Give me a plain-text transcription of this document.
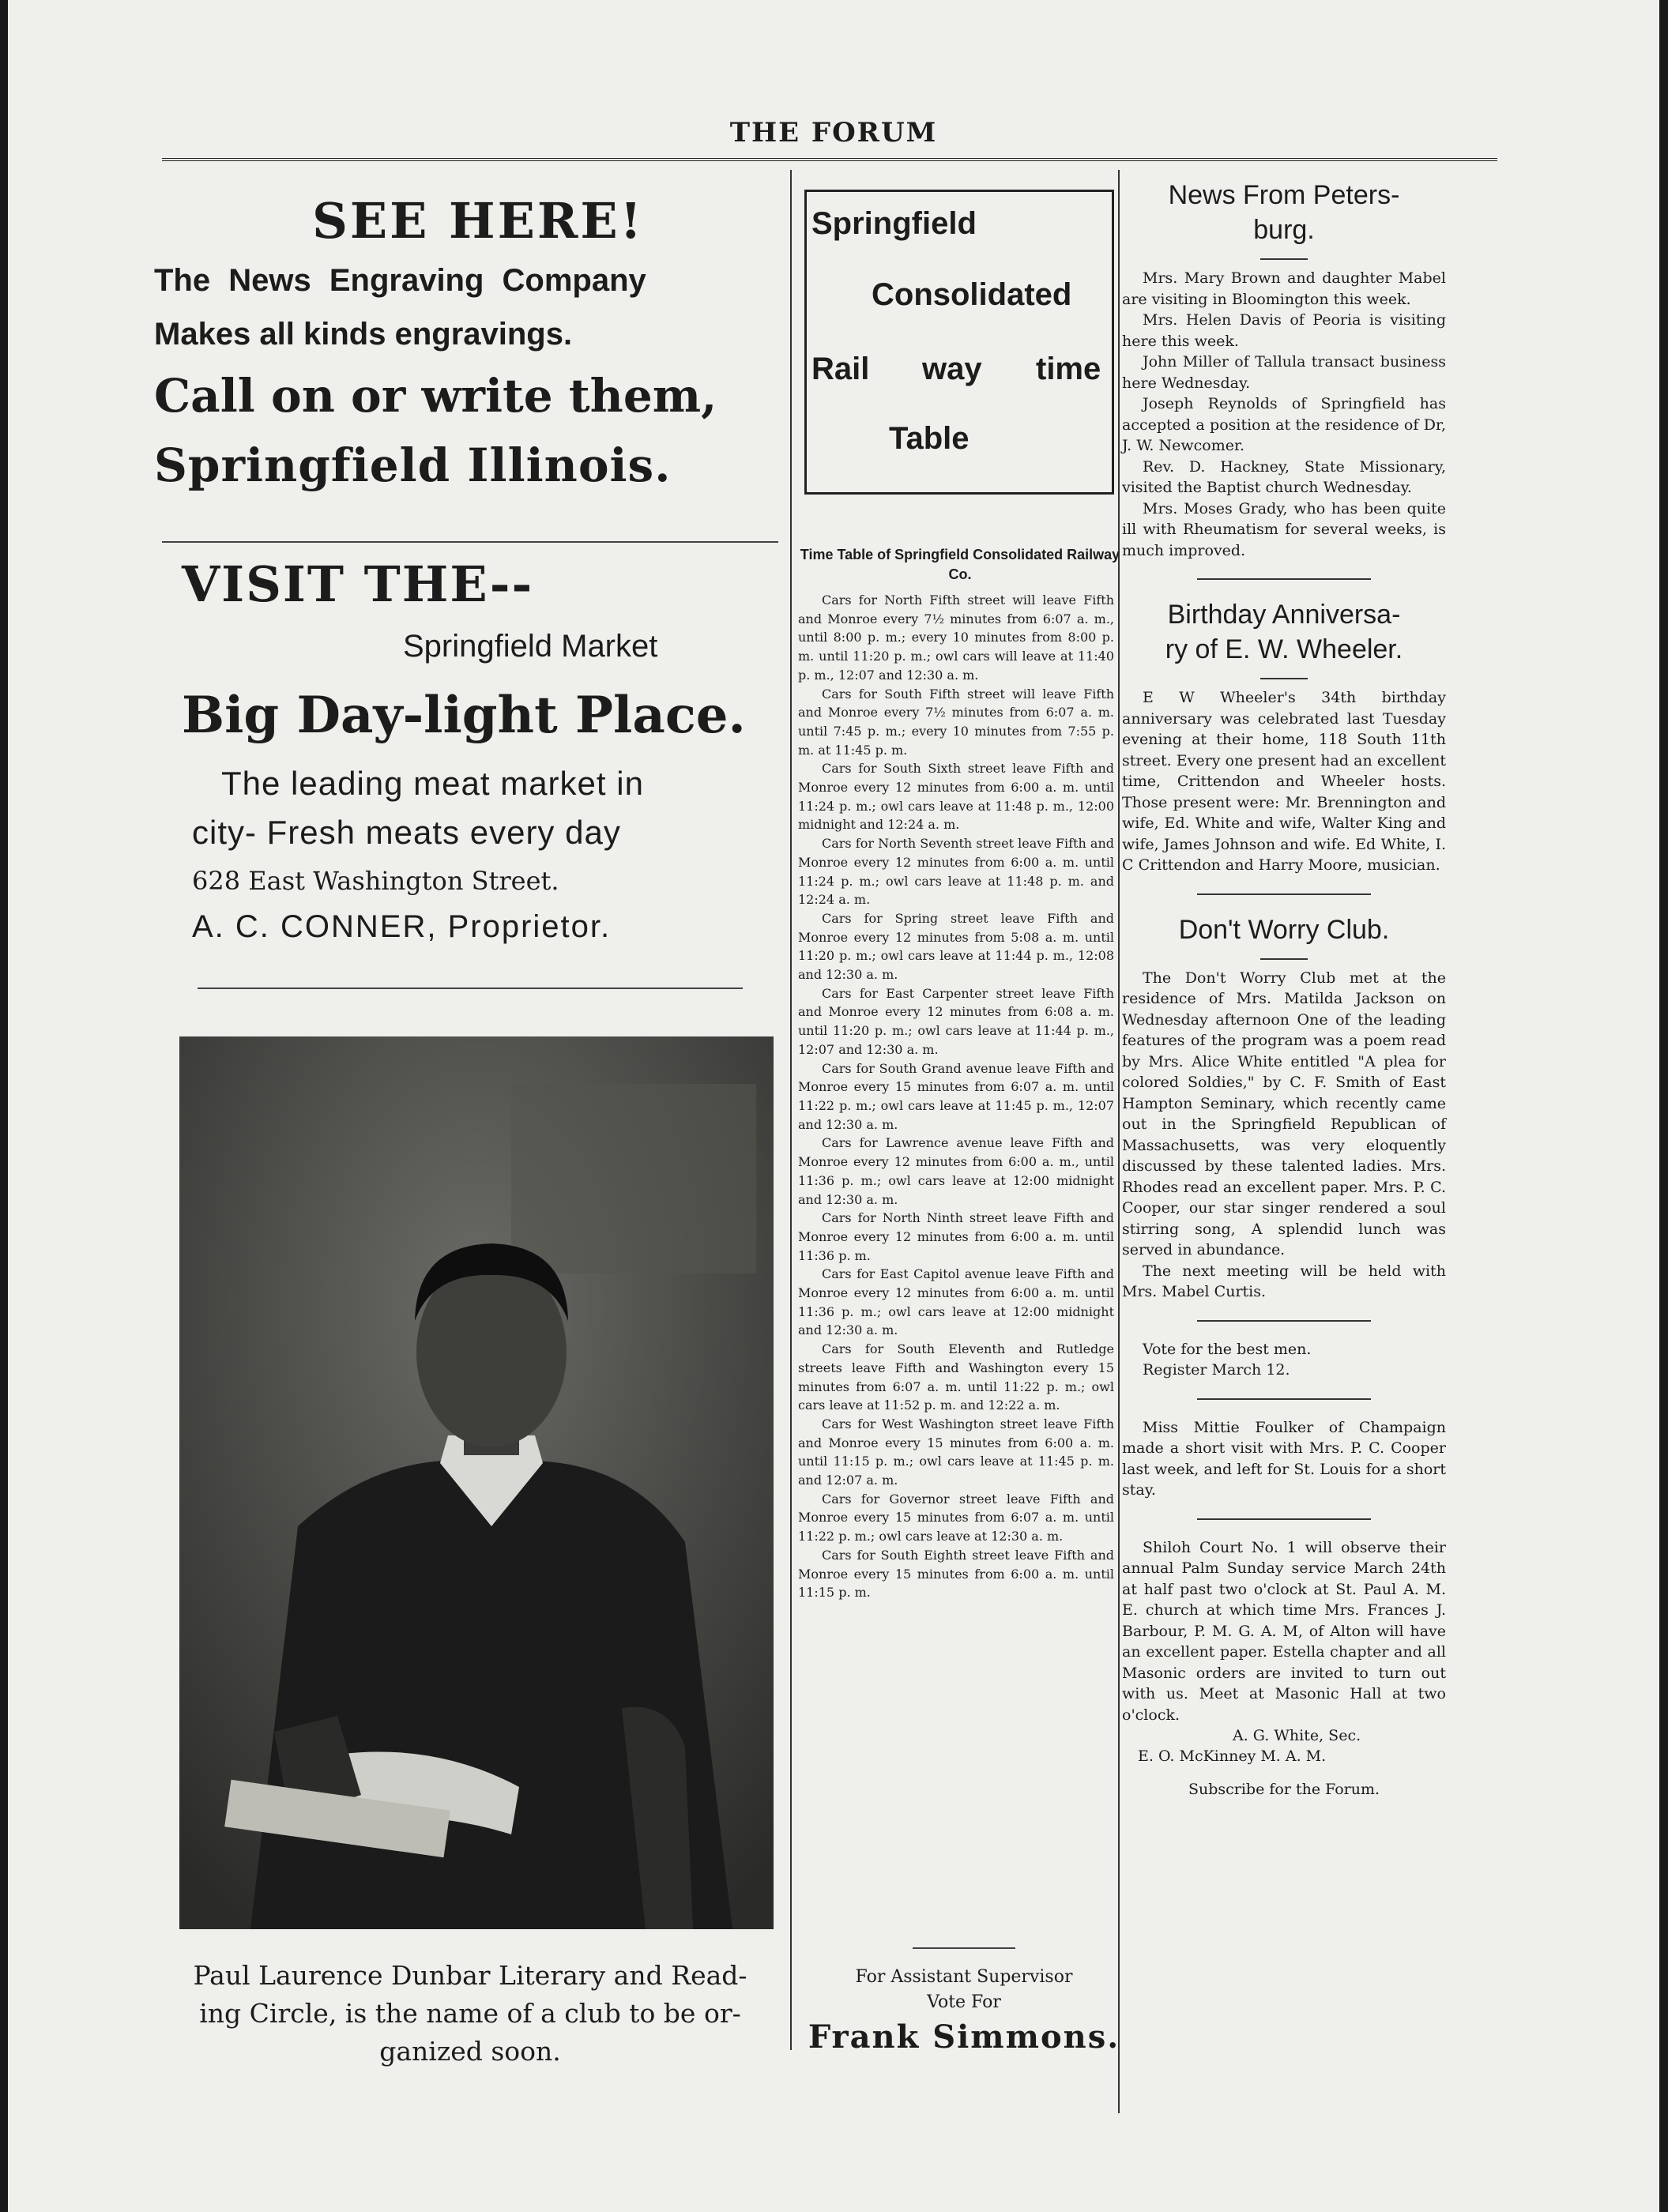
THE FORUM
SEE HERE!
The News Engraving Company
Makes all kinds engravings.
Call on or write them,
Springfield Illinois.
VISIT THE--
Springfield Market
Big Day-light Place.
The leading meat market in
city- Fresh meats every day
628 East Washington Street.
A. C. CONNER, Proprietor.
Paul Laurence Dunbar Literary and Read-
ing Circle, is the name of a club to be or-
ganized soon.
Springfield
Consolidated
Rail way time
Table
Time Table of Springfield Consolidated Railway Co.

Cars for North Fifth street will leave Fifth and Monroe every 7½ minutes from 6:07 a. m., until 8:00 p. m.; every 10 minutes from 8:00 p. m. until 11:20 p. m.; owl cars will leave at 11:40 p. m., 12:07 and 12:30 a. m.

Cars for South Fifth street will leave Fifth and Monroe every 7½ minutes from 6:07 a. m. until 7:45 p. m.; every 10 minutes from 7:55 p. m. at 11:45 p. m.

Cars for South Sixth street leave Fifth and Monroe every 12 minutes from 6:00 a. m. until 11:24 p. m.; owl cars leave at 11:48 p. m., 12:00 midnight and 12:24 a. m.

Cars for North Seventh street leave Fifth and Monroe every 12 minutes from 6:00 a. m. until 11:24 p. m.; owl cars leave at 11:48 p. m. and 12:24 a. m.

Cars for Spring street leave Fifth and Monroe every 12 minutes from 5:08 a. m. until 11:20 p. m.; owl cars leave at 11:44 p. m., 12:08 and 12:30 a. m.

Cars for East Carpenter street leave Fifth and Monroe every 12 minutes from 6:08 a. m. until 11:20 p. m.; owl cars leave at 11:44 p. m., 12:07 and 12:30 a. m.

Cars for South Grand avenue leave Fifth and Monroe every 15 minutes from 6:07 a. m. until 11:22 p. m.; owl cars leave at 11:45 p. m., 12:07 and 12:30 a. m.

Cars for Lawrence avenue leave Fifth and Monroe every 12 minutes from 6:00 a. m., until 11:36 p. m.; owl cars leave at 12:00 midnight and 12:30 a. m.

Cars for North Ninth street leave Fifth and Monroe every 12 minutes from 6:00 a. m. until 11:36 p. m.

Cars for East Capitol avenue leave Fifth and Monroe every 12 minutes from 6:00 a. m. until 11:36 p. m.; owl cars leave at 12:00 midnight and 12:30 a. m.

Cars for South Eleventh and Rutledge streets leave Fifth and Washington every 15 minutes from 6:07 a. m. until 11:22 p. m.; owl cars leave at 11:52 p. m. and 12:22 a. m.

Cars for West Washington street leave Fifth and Monroe every 15 minutes from 6:00 a. m. until 11:15 p. m.; owl cars leave at 11:45 p. m. and 12:07 a. m.

Cars for Governor street leave Fifth and Monroe every 15 minutes from 6:07 a. m. until 11:22 p. m.; owl cars leave at 12:30 a. m.

Cars for South Eighth street leave Fifth and Monroe every 15 minutes from 6:00 a. m. until 11:15 p. m.

For Assistant Supervisor
Vote For
Frank Simmons.
News From Peters-
burg.

Mrs. Mary Brown and daughter Mabel are visiting in Bloomington this week.

Mrs. Helen Davis of Peoria is visiting here this week.

John Miller of Tallula transact business here Wednesday.

Joseph Reynolds of Springfield has accepted a position at the residence of Dr, J. W. Newcomer.

Rev. D. Hackney, State Missionary, visited the Baptist church Wednesday.

Mrs. Moses Grady, who has been quite ill with Rheumatism for several weeks, is much improved.

Birthday Anniversa-
ry of E. W. Wheeler.

E W Wheeler's 34th birthday anniversary was celebrated last Tuesday evening at their home, 118 South 11th street. Every one present had an excellent time, Crittendon and Wheeler hosts. Those present were: Mr. Brennington and wife, Ed. White and wife, Walter King and wife, James Johnson and wife. Ed White, I. C Crittendon and Harry Moore, musician.

Don't Worry Club.

The Don't Worry Club met at the residence of Mrs. Matilda Jackson on Wednesday afternoon One of the leading features of the program was a poem read by Mrs. Alice White entitled "A plea for colored Soldies," by C. F. Smith of East Hampton Seminary, which recently came out in the Springfield Republican of Massachusetts, was very eloquently discussed by these talented ladies. Mrs. Rhodes read an excellent paper. Mrs. P. C. Cooper, our star singer rendered a soul stirring song, A splendid lunch was served in abundance.

The next meeting will be held with Mrs. Mabel Curtis.

Vote for the best men.

Register March 12.

Miss Mittie Foulker of Champaign made a short visit with Mrs. P. C. Cooper last week, and left for St. Louis for a short stay.

Shiloh Court No. 1 will observe their annual Palm Sunday service March 24th at half past two o'clock at St. Paul A. M. E. church at which time Mrs. Frances J. Barbour, P. M. G. A. M, of Alton will have an excellent paper. Estella chapter and all Masonic orders are invited to turn out with us. Meet at Masonic Hall at two o'clock.

A. G. White, Sec.
E. O. McKinney M. A. M.
Subscribe for the Forum.
